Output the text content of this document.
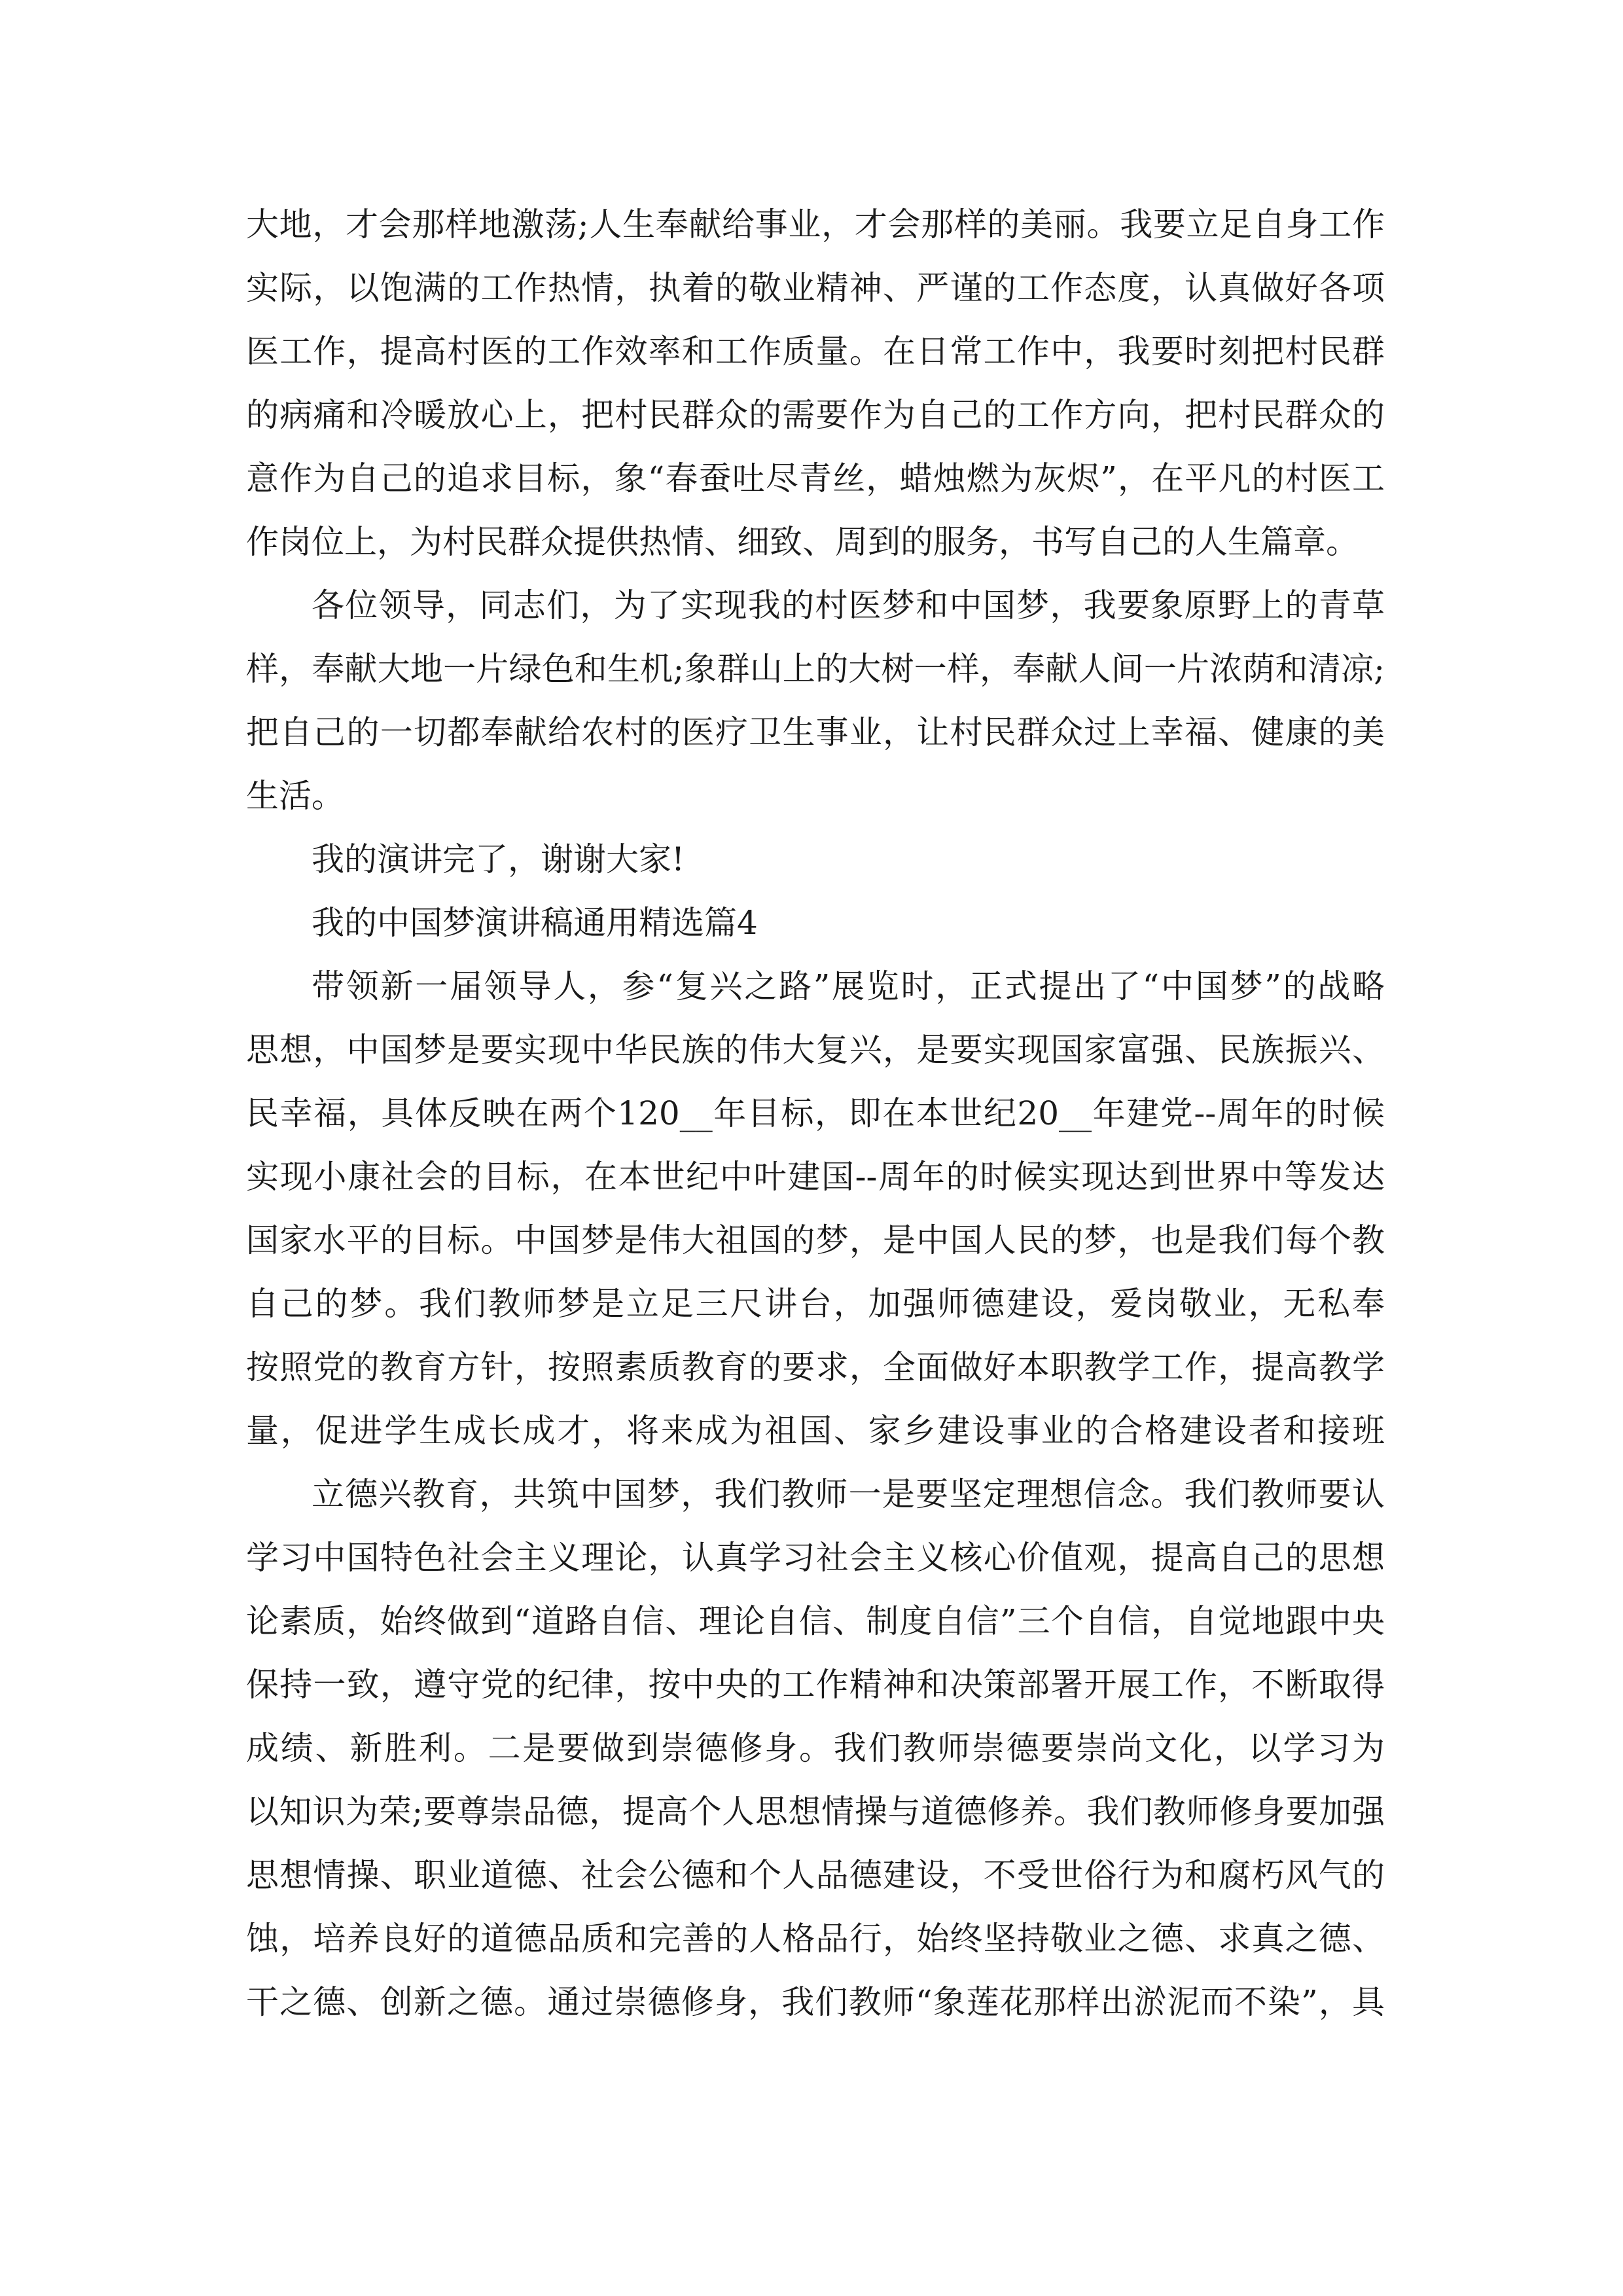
大地，才会那样地激荡;人生奉献给事业，才会那样的美丽。我要立足自身工作
实际，以饱满的工作热情，执着的敬业精神、严谨的工作态度，认真做好各项
医工作，提高村医的工作效率和工作质量。在日常工作中，我要时刻把村民群
的病痛和冷暖放心上，把村民群众的需要作为自己的工作方向，把村民群众的
意作为自己的追求目标，象“春蚕吐尽青丝，蜡烛燃为灰烬”，在平凡的村医工
作岗位上，为村民群众提供热情、细致、周到的服务，书写自己的人生篇章。
各位领导，同志们，为了实现我的村医梦和中国梦，我要象原野上的青草
样，奉献大地一片绿色和生机;象群山上的大树一样，奉献人间一片浓荫和清凉;
把自己的一切都奉献给农村的医疗卫生事业，让村民群众过上幸福、健康的美
生活。
我的演讲完了，谢谢大家!
我的中国梦演讲稿通用精选篇4
带领新一届领导人，参“复兴之路”展览时，正式提出了“中国梦”的战略
思想，中国梦是要实现中华民族的伟大复兴，是要实现国家富强、民族振兴、
民幸福，具体反映在两个120__年目标，即在本世纪20__年建党--周年的时候
实现小康社会的目标，在本世纪中叶建国--周年的时候实现达到世界中等发达
国家水平的目标。中国梦是伟大祖国的梦，是中国人民的梦，也是我们每个教
自己的梦。我们教师梦是立足三尺讲台，加强师德建设，爱岗敬业，无私奉
按照党的教育方针，按照素质教育的要求，全面做好本职教学工作，提高教学
量，促进学生成长成才，将来成为祖国、家乡建设事业的合格建设者和接班
立德兴教育，共筑中国梦，我们教师一是要坚定理想信念。我们教师要认
学习中国特色社会主义理论，认真学习社会主义核心价值观，提高自己的思想
论素质，始终做到“道路自信、理论自信、制度自信”三个自信，自觉地跟中央
保持一致，遵守党的纪律，按中央的工作精神和决策部署开展工作，不断取得
成绩、新胜利。二是要做到崇德修身。我们教师崇德要崇尚文化，以学习为
以知识为荣;要尊崇品德，提高个人思想情操与道德修养。我们教师修身要加强
思想情操、职业道德、社会公德和个人品德建设，不受世俗行为和腐朽风气的
蚀，培养良好的道德品质和完善的人格品行，始终坚持敬业之德、求真之德、
干之德、创新之德。通过崇德修身，我们教师“象莲花那样出淤泥而不染”，具
